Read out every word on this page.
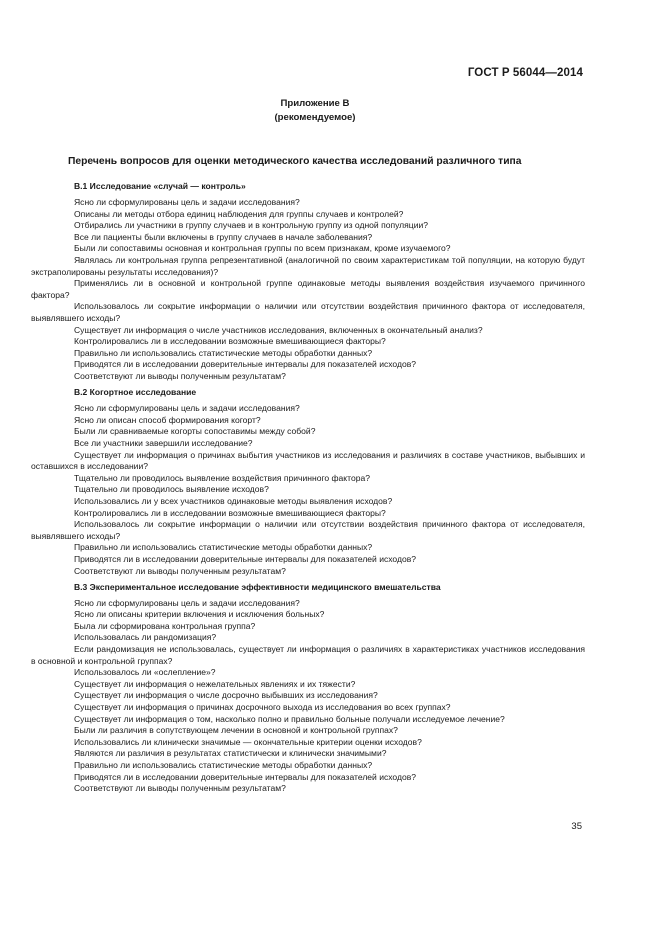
ГОСТ Р 56044—2014
Приложение В
(рекомендуемое)
Перечень вопросов для оценки методического качества исследований различного типа
В.1 Исследование «случай — контроль»
Ясно ли сформулированы цель и задачи исследования?
Описаны ли методы отбора единиц наблюдения для группы случаев и контролей?
Отбирались ли участники в группу случаев и в контрольную группу из одной популяции?
Все ли пациенты были включены в группу случаев в начале заболевания?
Были ли сопоставимы основная и контрольная группы по всем признакам, кроме изучаемого?
Являлась ли контрольная группа репрезентативной (аналогичной по своим характеристикам той популяции, на которую будут экстраполированы результаты исследования)?
Применялись ли в основной и контрольной группе одинаковые методы выявления воздействия изучаемого причинного фактора?
Использовалось ли сокрытие информации о наличии или отсутствии воздействия причинного фактора от исследователя, выявлявшего исходы?
Существует ли информация о числе участников исследования, включенных в окончательный анализ?
Контролировались ли в исследовании возможные вмешивающиеся факторы?
Правильно ли использовались статистические методы обработки данных?
Приводятся ли в исследовании доверительные интервалы для показателей исходов?
Соответствуют ли выводы полученным результатам?
В.2 Когортное исследование
Ясно ли сформулированы цель и задачи исследования?
Ясно ли описан способ формирования когорт?
Были ли сравниваемые когорты сопоставимы между собой?
Все ли участники завершили исследование?
Существует ли информация о причинах выбытия участников из исследования и различиях в составе участников, выбывших и оставшихся в исследовании?
Тщательно ли проводилось выявление воздействия причинного фактора?
Тщательно ли проводилось выявление исходов?
Использовались ли у всех участников одинаковые методы выявления исходов?
Контролировались ли в исследовании возможные вмешивающиеся факторы?
Использовалось ли сокрытие информации о наличии или отсутствии воздействия причинного фактора от исследователя, выявлявшего исходы?
Правильно ли использовались статистические методы обработки данных?
Приводятся ли в исследовании доверительные интервалы для показателей исходов?
Соответствуют ли выводы полученным результатам?
В.3 Экспериментальное исследование эффективности медицинского вмешательства
Ясно ли сформулированы цель и задачи исследования?
Ясно ли описаны критерии включения и исключения больных?
Была ли сформирована контрольная группа?
Использовалась ли рандомизация?
Если рандомизация не использовалась, существует ли информация о различиях в характеристиках участников исследования в основной и контрольной группах?
Использовалось ли «ослепление»?
Существует ли информация о нежелательных явлениях и их тяжести?
Существует ли информация о числе досрочно выбывших из исследования?
Существует ли информация о причинах досрочного выхода из исследования во всех группах?
Существует ли информация о том, насколько полно и правильно больные получали исследуемое лечение?
Были ли различия в сопутствующем лечении в основной и контрольной группах?
Использовались ли клинически значимые — окончательные критерии оценки исходов?
Являются ли различия в результатах статистически и клинически значимыми?
Правильно ли использовались статистические методы обработки данных?
Приводятся ли в исследовании доверительные интервалы для показателей исходов?
Соответствуют ли выводы полученным результатам?
35
